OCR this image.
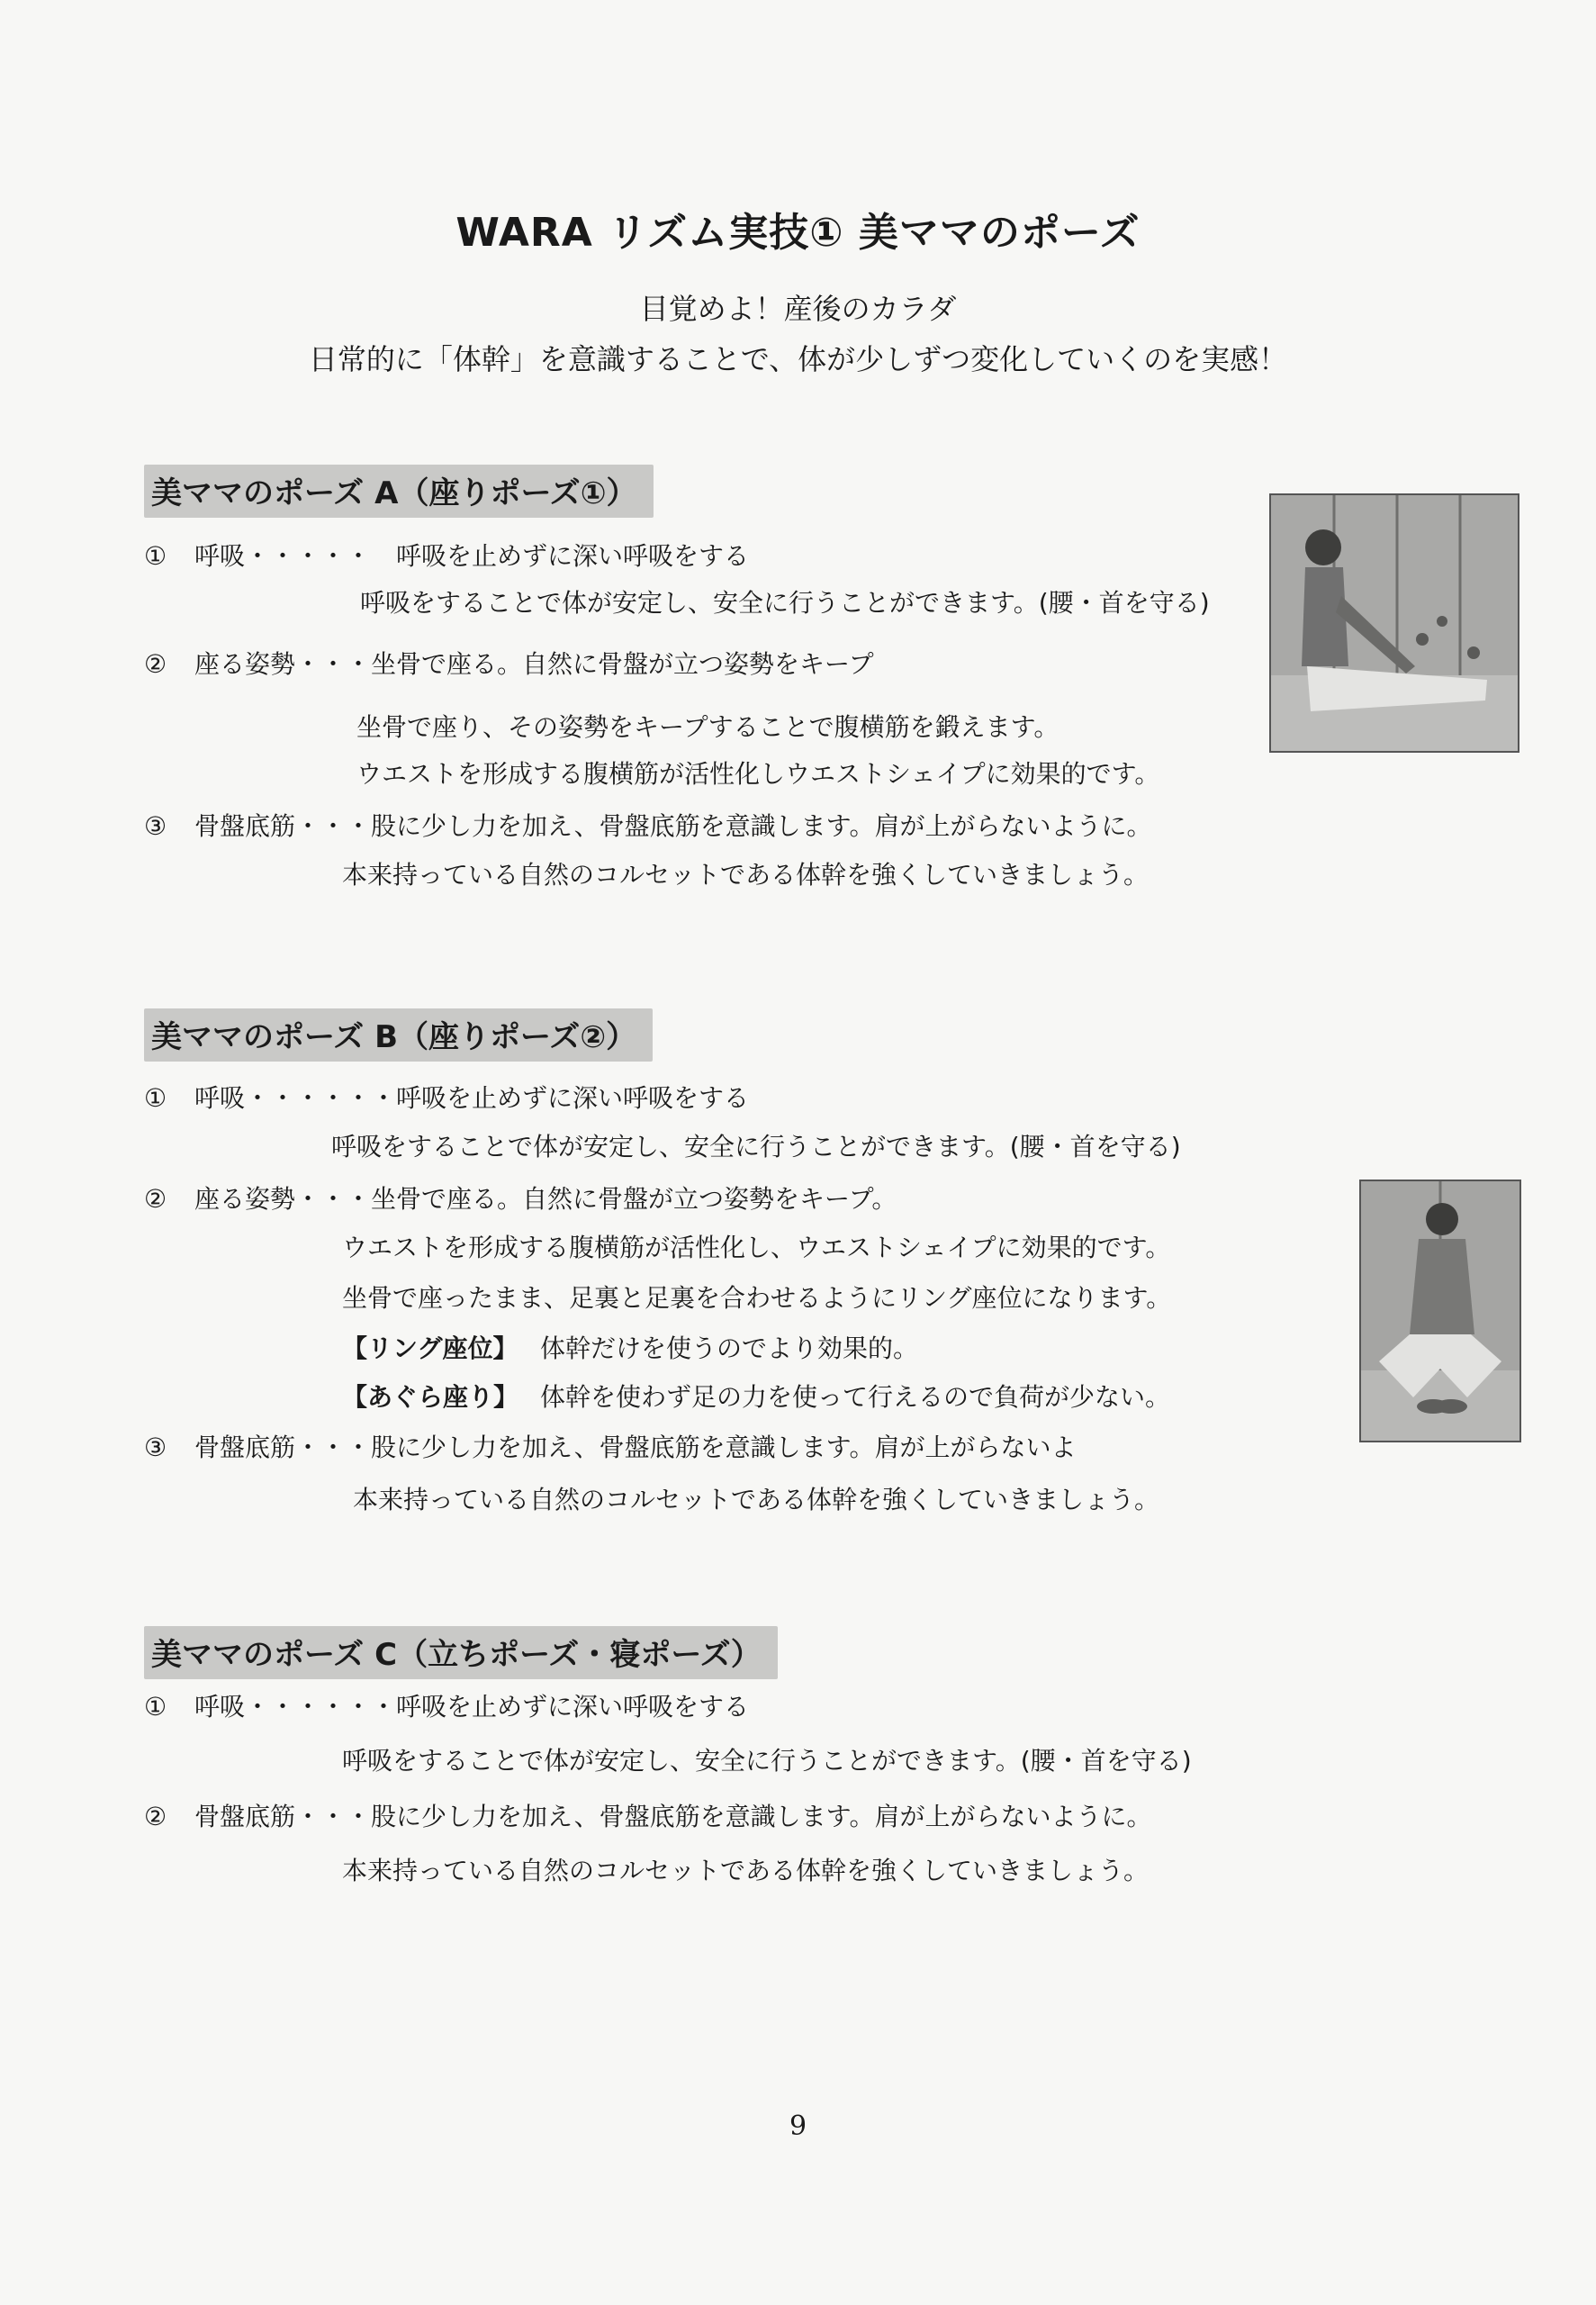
WARA リズム実技① 美ママのポーズ
目覚めよ！産後のカラダ
日常的に「体幹」を意識することで、体が少しずつ変化していくのを実感！
美ママのポーズ A（座りポーズ①）
① 呼吸・・・・・　呼吸を止めずに深い呼吸をする
呼吸をすることで体が安定し、安全に行うことができます。(腰・首を守る)
② 座る姿勢・・・坐骨で座る。自然に骨盤が立つ姿勢をキープ
坐骨で座り、その姿勢をキープすることで腹横筋を鍛えます。
ウエストを形成する腹横筋が活性化しウエストシェイプに効果的です。
③ 骨盤底筋・・・股に少し力を加え、骨盤底筋を意識します。肩が上がらないように。
本来持っている自然のコルセットである体幹を強くしていきましょう。
美ママのポーズ B（座りポーズ②）
① 呼吸・・・・・・呼吸を止めずに深い呼吸をする
呼吸をすることで体が安定し、安全に行うことができます。(腰・首を守る)
② 座る姿勢・・・坐骨で座る。自然に骨盤が立つ姿勢をキープ。
ウエストを形成する腹横筋が活性化し、ウエストシェイプに効果的です。
坐骨で座ったまま、足裏と足裏を合わせるようにリング座位になります。
【リング座位】 体幹だけを使うのでより効果的。
【あぐら座り】 体幹を使わず足の力を使って行えるので負荷が少ない。
③ 骨盤底筋・・・股に少し力を加え、骨盤底筋を意識します。肩が上がらないよ
本来持っている自然のコルセットである体幹を強くしていきましょう。
美ママのポーズ C（立ちポーズ・寝ポーズ）
① 呼吸・・・・・・呼吸を止めずに深い呼吸をする
呼吸をすることで体が安定し、安全に行うことができます。(腰・首を守る)
② 骨盤底筋・・・股に少し力を加え、骨盤底筋を意識します。肩が上がらないように。
本来持っている自然のコルセットである体幹を強くしていきましょう。
9
